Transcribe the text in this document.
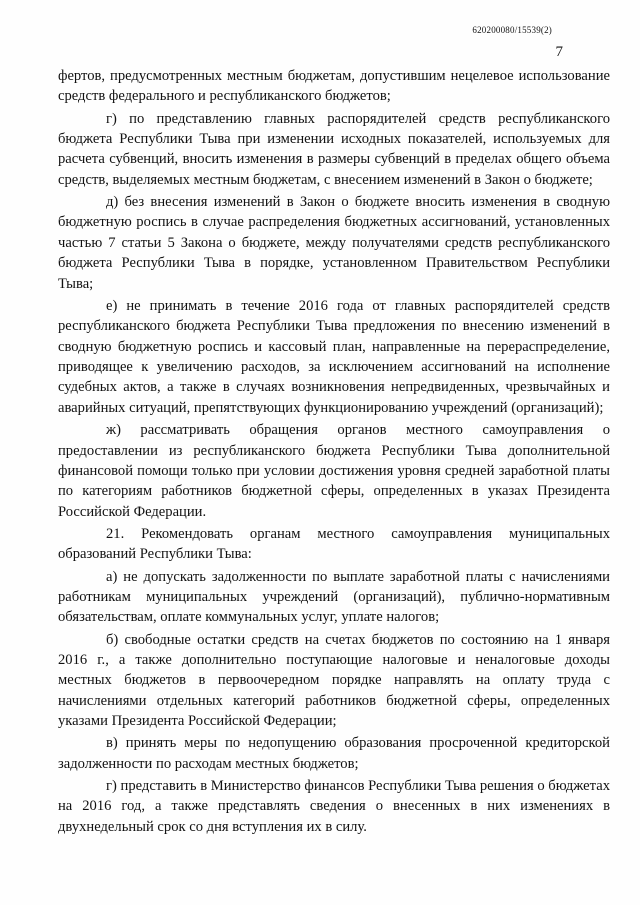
620200080/15539(2)
7

фертов, предусмотренных местным бюджетам, допустившим нецелевое использование средств федерального и республиканского бюджетов;

г) по представлению главных распорядителей средств республиканского бюджета Республики Тыва при изменении исходных показателей, используемых для расчета субвенций, вносить изменения в размеры субвенций в пределах общего объема средств, выделяемых местным бюджетам, с внесением изменений в Закон о бюджете;

д) без внесения изменений в Закон о бюджете вносить изменения в сводную бюджетную роспись в случае распределения бюджетных ассигнований, установленных частью 7 статьи 5 Закона о бюджете, между получателями средств республиканского бюджета Республики Тыва в порядке, установленном Правительством Республики Тыва;

е) не принимать в течение 2016 года от главных распорядителей средств республиканского бюджета Республики Тыва предложения по внесению изменений в сводную бюджетную роспись и кассовый план, направленные на перераспределение, приводящее к увеличению расходов, за исключением ассигнований на исполнение судебных актов, а также в случаях возникновения непредвиденных, чрезвычайных и аварийных ситуаций, препятствующих функционированию учреждений (организаций);

ж) рассматривать обращения органов местного самоуправления о предоставлении из республиканского бюджета Республики Тыва дополнительной финансовой помощи только при условии достижения уровня средней заработной платы по категориям работников бюджетной сферы, определенных в указах Президента Российской Федерации.

21. Рекомендовать органам местного самоуправления муниципальных образований Республики Тыва:

а) не допускать задолженности по выплате заработной платы с начислениями работникам муниципальных учреждений (организаций), публично-нормативным обязательствам, оплате коммунальных услуг, уплате налогов;

б) свободные остатки средств на счетах бюджетов по состоянию на 1 января 2016 г., а также дополнительно поступающие налоговые и неналоговые доходы местных бюджетов в первоочередном порядке направлять на оплату труда с начислениями отдельных категорий работников бюджетной сферы, определенных указами Президента Российской Федерации;

в) принять меры по недопущению образования просроченной кредиторской задолженности по расходам местных бюджетов;

г) представить в Министерство финансов Республики Тыва решения о бюджетах на 2016 год, а также представлять сведения о внесенных в них изменениях в двухнедельный срок со дня вступления их в силу.
